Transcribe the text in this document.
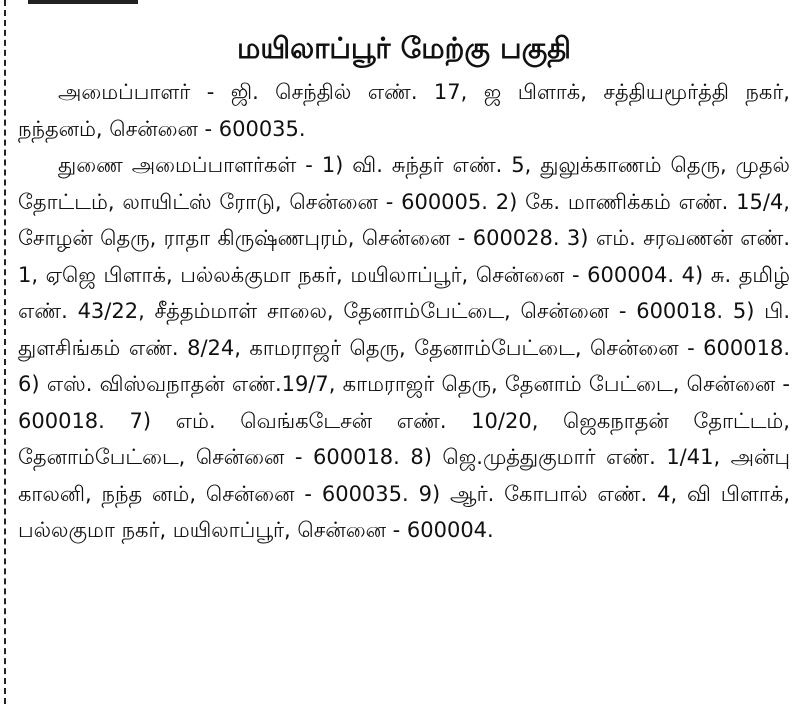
மயிலாப்பூர் மேற்கு பகுதி

அமைப்பாளர் - ஜி. செந்தில் எண். 17, ஜ பிளாக், சத்தியமூர்த்தி நகர், நந்தனம், சென்னை - 600035.

துணை அமைப்பாளர்கள் - 1) வி. சுந்தர் எண். 5, துலுக்காணம் தெரு, முதல் தோட்டம், லாயிட்ஸ் ரோடு, சென்னை - 600005. 2) கே. மாணிக்கம் எண். 15/4, சோழன் தெரு, ராதா கிருஷ்ணபுரம், சென்னை - 600028. 3) எம். சரவணன் எண். 1, ஏஜெ பிளாக், பல்லக்குமா நகர், மயிலாப்பூர், சென்னை - 600004. 4) சு. தமிழ் எண். 43/22, சீத்தம்மாள் சாலை, தேனாம்பேட்டை, சென்னை - 600018. 5) பி. துளசிங்கம் எண். 8/24, காமராஜர் தெரு, தேனாம்பேட்டை, சென்னை - 600018. 6) எஸ். விஸ்வநாதன் எண்.19/7, காமராஜர் தெரு, தேனாம் பேட்டை, சென்னை - 600018. 7) எம். வெங்கடேசன் எண். 10/20, ஜெகநாதன் தோட்டம், தேனாம்பேட்டை, சென்னை - 600018. 8) ஜெ.முத்துகுமார் எண். 1/41, அன்பு காலனி, நந்த னம், சென்னை - 600035. 9) ஆர். கோபால் எண். 4, வி பிளாக், பல்லகுமா நகர், மயிலாப்பூர், சென்னை - 600004.
